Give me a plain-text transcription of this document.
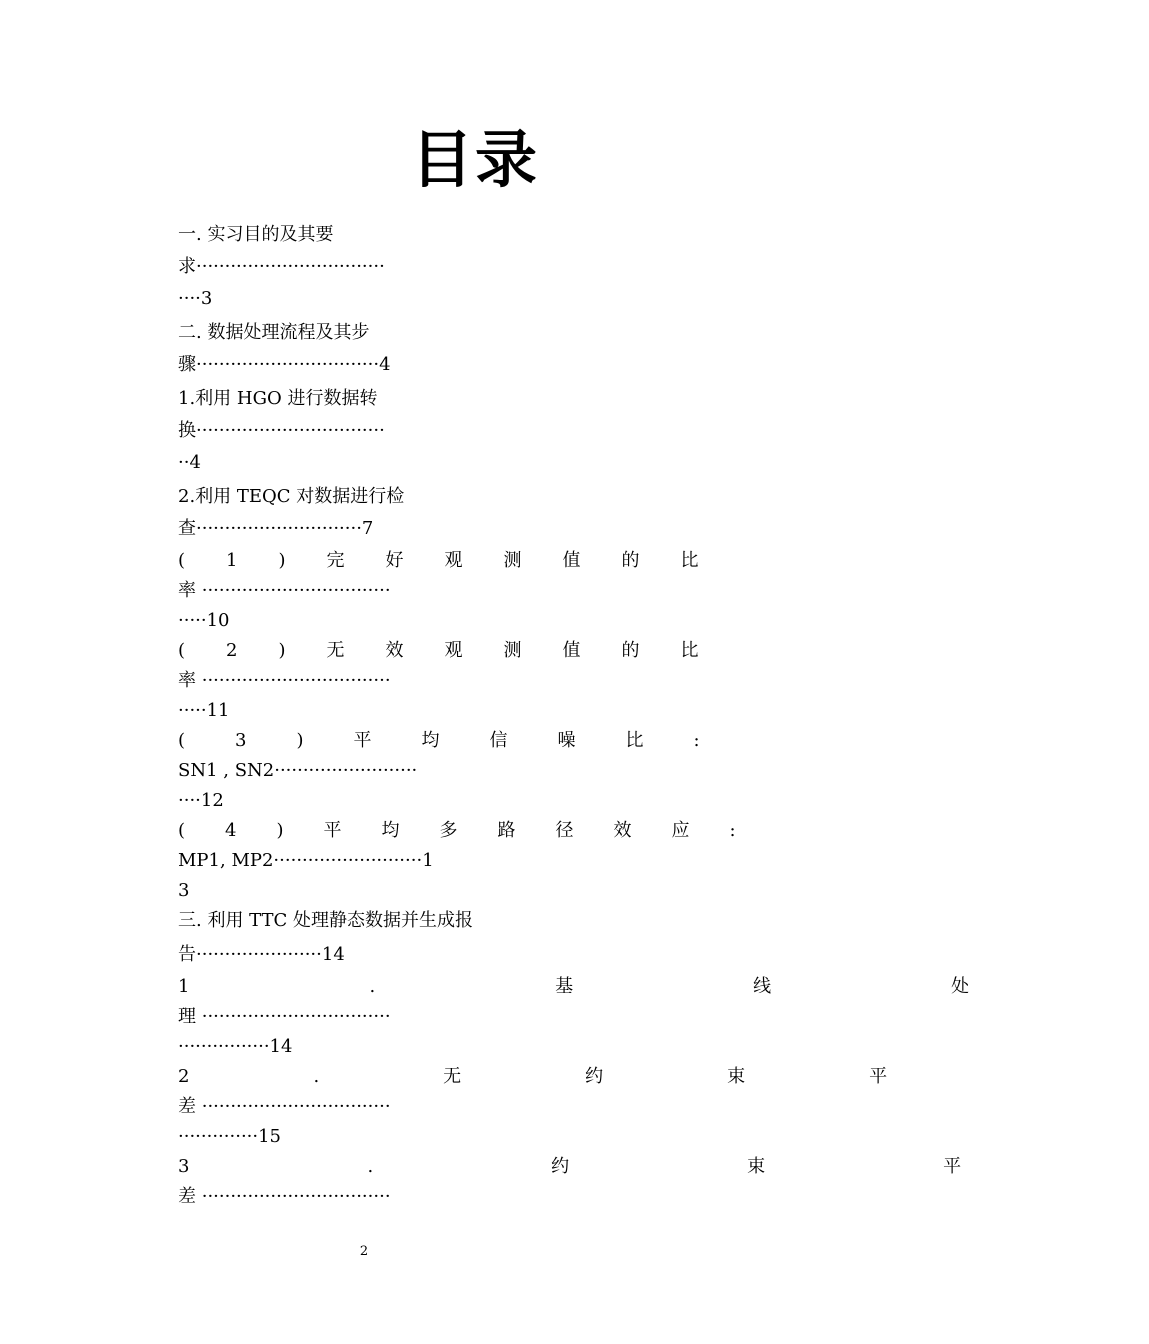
目录
一. 实习目的及其要
求·································
····3
二. 数据处理流程及其步
骤································4
1.利用 HGO 进行数据转
换·································
··4
2.利用 TEQC 对数据进行检
查·····························7
(1)完好观测值的比
率 ·································
·····10
(2)无效观测值的比
率 ·································
·····11
(3)平均信噪比:
SN1 , SN2·························
····12
(4)平均多路径效应:
MP1, MP2··························1
3
三. 利用 TTC 处理静态数据并生成报
告······················14
1.基线处
理 ·································
················14
2.无约束平
差 ·································
··············15
3.约束平
差 ·································
2
